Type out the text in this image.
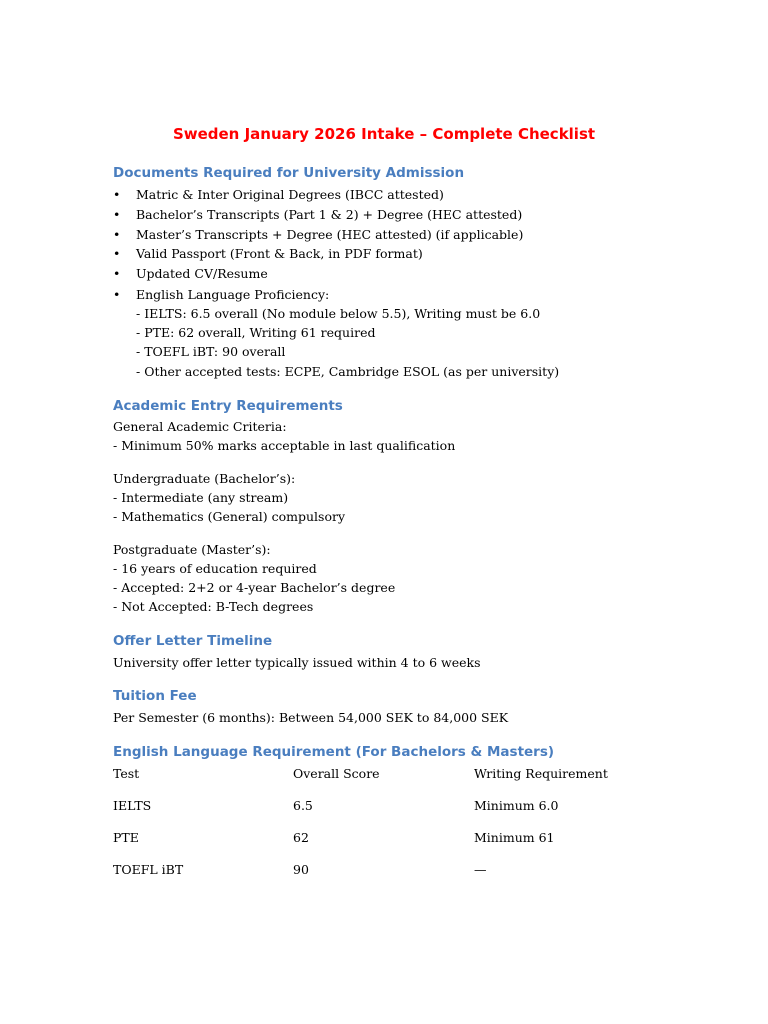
Sweden January 2026 Intake – Complete Checklist
Documents Required for University Admission
•	Matric & Inter Original Degrees (IBCC attested)
•	Bachelor’s Transcripts (Part 1 & 2) + Degree (HEC attested)
•	Master’s Transcripts + Degree (HEC attested) (if applicable)
•	Valid Passport (Front & Back, in PDF format)
•	Updated CV/Resume
•	English Language Proficiency:
- IELTS: 6.5 overall (No module below 5.5), Writing must be 6.0
- PTE: 62 overall, Writing 61 required
- TOEFL iBT: 90 overall
- Other accepted tests: ECPE, Cambridge ESOL (as per university)
Academic Entry Requirements
General Academic Criteria:
- Minimum 50% marks acceptable in last qualification
Undergraduate (Bachelor’s):
- Intermediate (any stream)
- Mathematics (General) compulsory
Postgraduate (Master’s):
- 16 years of education required
- Accepted: 2+2 or 4-year Bachelor’s degree
- Not Accepted: B-Tech degrees
Offer Letter Timeline
University offer letter typically issued within 4 to 6 weeks
Tuition Fee
Per Semester (6 months): Between 54,000 SEK to 84,000 SEK
English Language Requirement (For Bachelors & Masters)
Test	Overall Score	Writing Requirement
IELTS	6.5	Minimum 6.0
PTE	62	Minimum 61
TOEFL iBT	90	—
